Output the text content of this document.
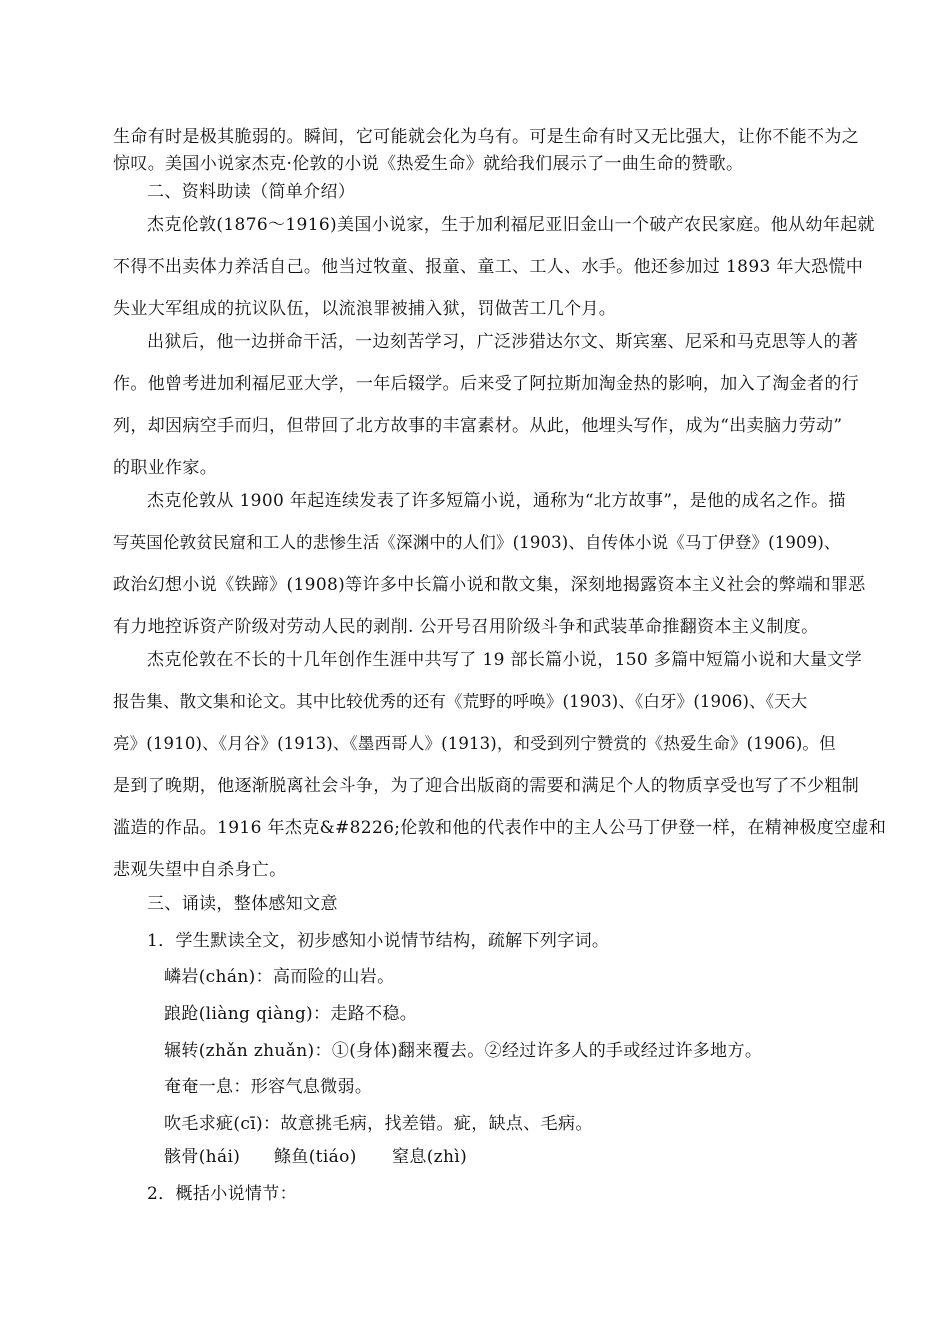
生命有时是极其脆弱的。瞬间，它可能就会化为乌有。可是生命有时又无比强大，让你不能不为之
惊叹。美国小说家杰克·伦敦的小说《热爱生命》就给我们展示了一曲生命的赞歌。
二、资料助读（简单介绍）
杰克伦敦(1876～1916)美国小说家，生于加利福尼亚旧金山一个破产农民家庭。他从幼年起就
不得不出卖体力养活自己。他当过牧童、报童、童工、工人、水手。他还参加过 1893 年大恐慌中
失业大军组成的抗议队伍，以流浪罪被捕入狱，罚做苦工几个月。
出狱后，他一边拼命干活，一边刻苦学习，广泛涉猎达尔文、斯宾塞、尼采和马克思等人的著
作。他曾考进加利福尼亚大学，一年后辍学。后来受了阿拉斯加淘金热的影响，加入了淘金者的行
列，却因病空手而归，但带回了北方故事的丰富素材。从此，他埋头写作，成为“出卖脑力劳动”
的职业作家。
杰克伦敦从 1900 年起连续发表了许多短篇小说，通称为“北方故事”，是他的成名之作。描
写英国伦敦贫民窟和工人的悲惨生活《深渊中的人们》(1903)、自传体小说《马丁伊登》(1909)、
政治幻想小说《铁蹄》(1908)等许多中长篇小说和散文集，深刻地揭露资本主义社会的弊端和罪恶
有力地控诉资产阶级对劳动人民的剥削. 公开号召用阶级斗争和武装革命推翻资本主义制度。
杰克伦敦在不长的十几年创作生涯中共写了 19 部长篇小说，150 多篇中短篇小说和大量文学
报告集、散文集和论文。其中比较优秀的还有《荒野的呼唤》(1903)、《白牙》(1906)、《天大
亮》(1910)、《月谷》(1913)、《墨西哥人》(1913)，和受到列宁赞赏的《热爱生命》(1906)。但
是到了晚期，他逐渐脱离社会斗争，为了迎合出版商的需要和满足个人的物质享受也写了不少粗制
滥造的作品。1916 年杰克&#8226;伦敦和他的代表作中的主人公马丁伊登一样，在精神极度空虚和
悲观失望中自杀身亡。
三、诵读，整体感知文意
1．学生默读全文，初步感知小说情节结构，疏解下列字词。
嶙岩(chán)：高而险的山岩。
踉跄(liàng qiàng)：走路不稳。
辗转(zhǎn zhuǎn)：①(身体)翻来覆去。②经过许多人的手或经过许多地方。
奄奄一息：形容气息微弱。
吹毛求疵(cī)：故意挑毛病，找差错。疵，缺点、毛病。
骸骨(hái) 鲦鱼(tiáo) 窒息(zhì)
2．概括小说情节：
